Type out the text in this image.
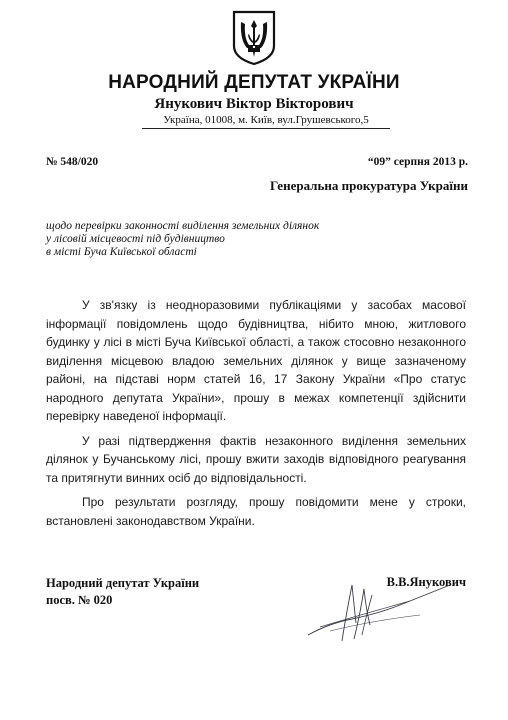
НАРОДНИЙ ДЕПУТАТ УКРАЇНИ
Янукович Віктор Вікторович
Україна, 01008, м. Київ, вул.Грушевського,5
№ 548/020	“09” серпня 2013 р.
Генеральна прокуратура України
щодо перевірки законності виділення земельних ділянок
у лісовій місцевості під будівництво
в місті Буча Київської області

У зв'язку із неодноразовими публікаціями у засобах масової інформації повідомлень щодо будівництва, нібито мною, житлового будинку у лісі в місті Буча Київської області, а також стосовно незаконного виділення місцевою владою земельних ділянок у вище зазначеному районі, на підставі норм статей 16, 17 Закону України «Про статус народного депутата України», прошу в межах компетенції здійснити перевірку наведеної інформації.

У разі підтвердження фактів незаконного виділення земельних ділянок у Бучанському лісі, прошу вжити заходів відповідного реагування та притягнути винних осіб до відповідальності.

Про результати розгляду, прошу повідомити мене у строки, встановлені законодавством України.

Народний депутат України
посв. № 020
В.В.Янукович
